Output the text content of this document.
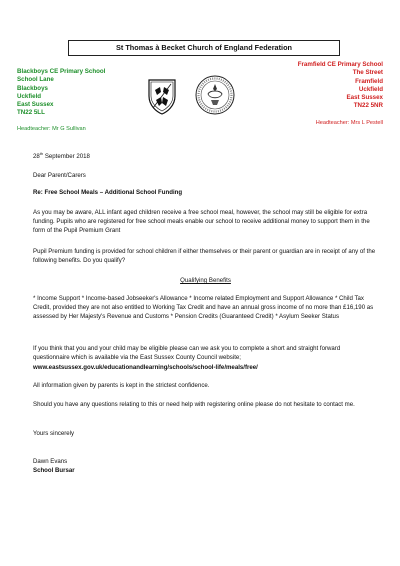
St Thomas à Becket Church of England Federation
Blackboys CE Primary School
School Lane
Blackboys
Uckfield
East Sussex
TN22 5LL
Headteacher: Mr G Sullivan
Framfield CE Primary School
The Street
Framfield
Uckfield
East Sussex
TN22 5NR
Headteacher: Mrs L Pestell
28th September 2018
Dear Parent/Carers
Re: Free School Meals – Additional School Funding
As you may be aware, ALL infant aged children receive a free school meal, however, the school may still be eligible for extra funding. Pupils who are registered for free school meals enable our school to receive additional money to support them in the form of the Pupil Premium Grant
Pupil Premium funding is provided for school children if either themselves or their parent or guardian are in receipt of any of the following benefits. Do you qualify?
Qualifying Benefits
* Income Support * Income-based Jobseeker's Allowance * Income related Employment and Support Allowance * Child Tax Credit, provided they are not also entitled to Working Tax Credit and have an annual gross income of no more than £16,190 as assessed by Her Majesty's Revenue and Customs * Pension Credits (Guaranteed Credit) * Asylum Seeker Status
If you think that you and your child may be eligible please can we ask you to complete a short and straight forward questionnaire which is available via the East Sussex County Council website;
www.eastsussex.gov.uk/educationandlearning/schools/school-life/meals/free/
All information given by parents is kept in the strictest confidence.
Should you have any questions relating to this or need help with registering online please do not hesitate to contact me.
Yours sincerely
Dawn Evans
School Bursar
